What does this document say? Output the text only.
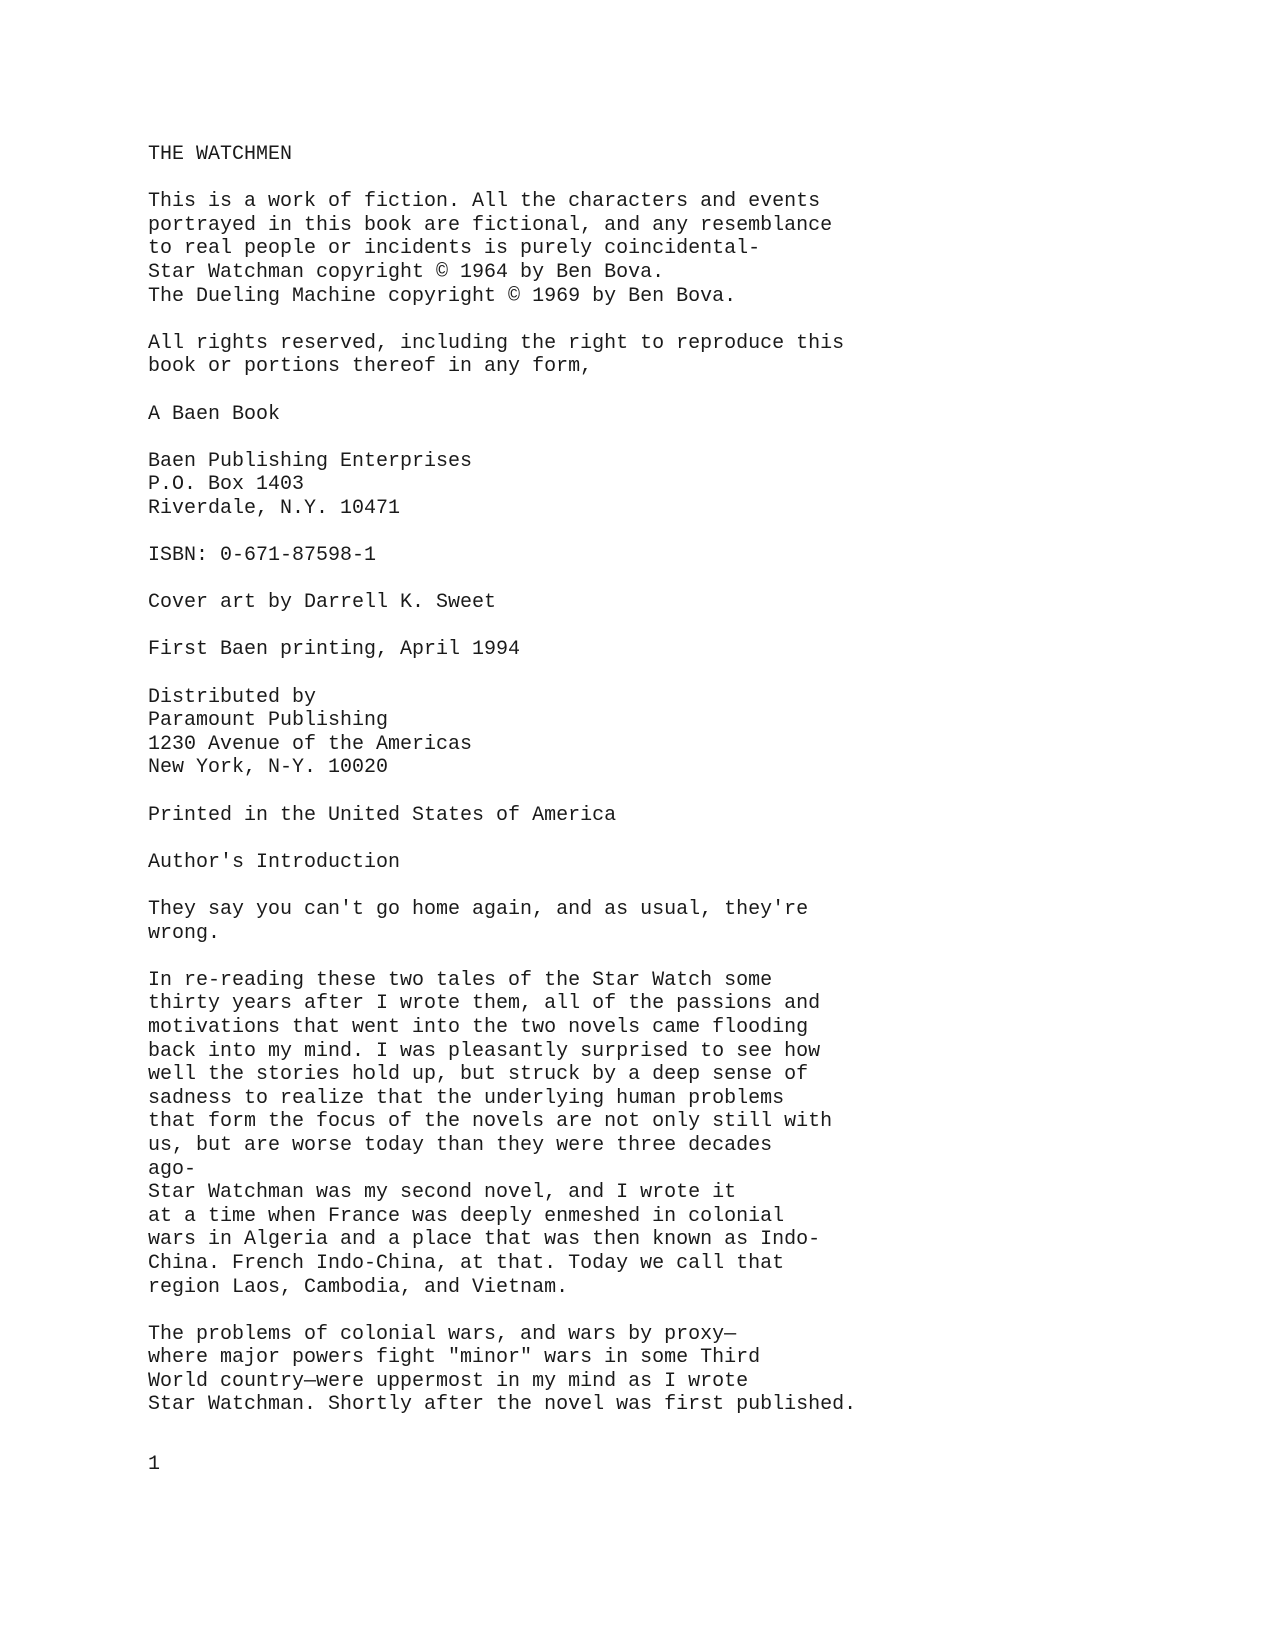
THE WATCHMEN
This is a work of fiction. All the characters and events
portrayed in this book are fictional, and any resemblance
to real people or incidents is purely coincidental-
Star Watchman copyright © 1964 by Ben Bova.
The Dueling Machine copyright © 1969 by Ben Bova.
All rights reserved, including the right to reproduce this
book or portions thereof in any form,
A Baen Book
Baen Publishing Enterprises
P.O. Box 1403
Riverdale, N.Y. 10471
ISBN: 0-671-87598-1
Cover art by Darrell K. Sweet
First Baen printing, April 1994
Distributed by
Paramount Publishing
1230 Avenue of the Americas
New York, N-Y. 10020
Printed in the United States of America
Author's Introduction
They say you can't go home again, and as usual, they're
wrong.
In re-reading these two tales of the Star Watch some
thirty years after I wrote them, all of the passions and
motivations that went into the two novels came flooding
back into my mind. I was pleasantly surprised to see how
well the stories hold up, but struck by a deep sense of
sadness to realize that the underlying human problems
that form the focus of the novels are not only still with
us, but are worse today than they were three decades
ago-
Star Watchman was my second novel, and I wrote it
at a time when France was deeply enmeshed in colonial
wars in Algeria and a place that was then known as Indo-
China. French Indo-China, at that. Today we call that
region Laos, Cambodia, and Vietnam.
The problems of colonial wars, and wars by proxy—
where major powers fight "minor" wars in some Third
World country—were uppermost in my mind as I wrote
Star Watchman. Shortly after the novel was first published.
1
